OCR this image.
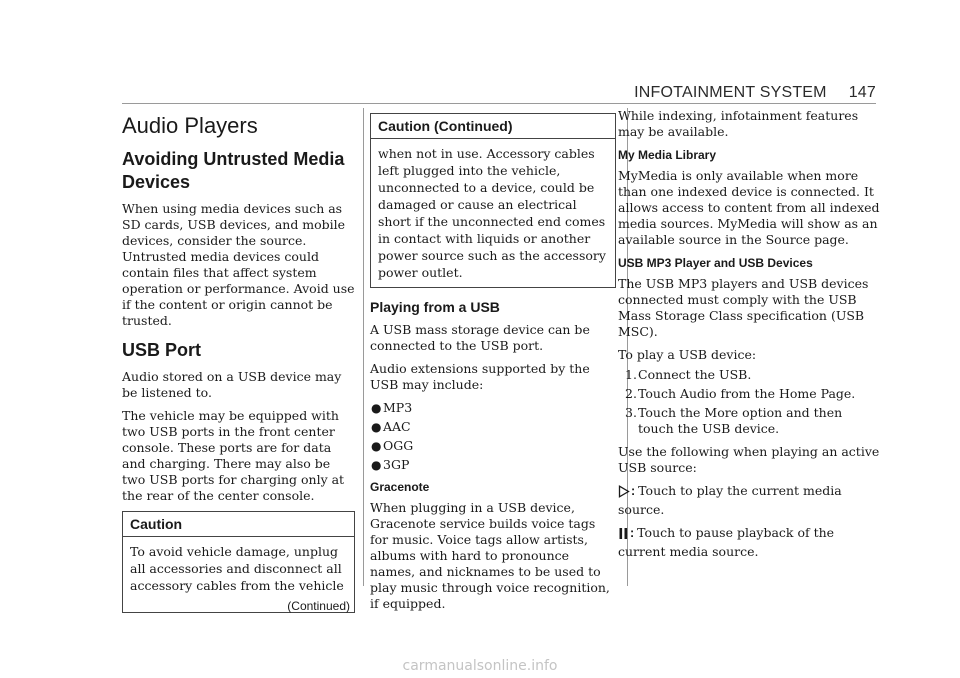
INFOTAINMENT SYSTEM 147
Audio Players
Avoiding Untrusted Media Devices

When using media devices such as SD cards, USB devices, and mobile devices, consider the source. Untrusted media devices could contain files that affect system operation or performance. Avoid use if the content or origin cannot be trusted.

USB Port

Audio stored on a USB device may be listened to.

The vehicle may be equipped with two USB ports in the front center console. These ports are for data and charging. There may also be two USB ports for charging only at the rear of the center console.

Caution
To avoid vehicle damage, unplug all accessories and disconnect all accessory cables from the vehicle
(Continued)
Caution (Continued)
when not in use. Accessory cables left plugged into the vehicle, unconnected to a device, could be damaged or cause an electrical short if the unconnected end comes in contact with liquids or another power source such as the accessory power outlet.
Playing from a USB

A USB mass storage device can be connected to the USB port.

Audio extensions supported by the USB may include:

● MP3
● AAC
● OGG
● 3GP
Gracenote

When plugging in a USB device, Gracenote service builds voice tags for music. Voice tags allow artists, albums with hard to pronounce names, and nicknames to be used to play music through voice recognition, if equipped.

While indexing, infotainment features may be available.

My Media Library

MyMedia is only available when more than one indexed device is connected. It allows access to content from all indexed media sources. MyMedia will show as an available source in the Source page.

USB MP3 Player and USB Devices

The USB MP3 players and USB devices connected must comply with the USB Mass Storage Class specification (USB MSC).

To play a USB device:

1. Connect the USB.
2. Touch Audio from the Home Page.
3. Touch the More option and then touch the USB device.

Use the following when playing an active USB source:

: Touch to play the current media source.

: Touch to pause playback of the current media source.

carmanualsonline.info
